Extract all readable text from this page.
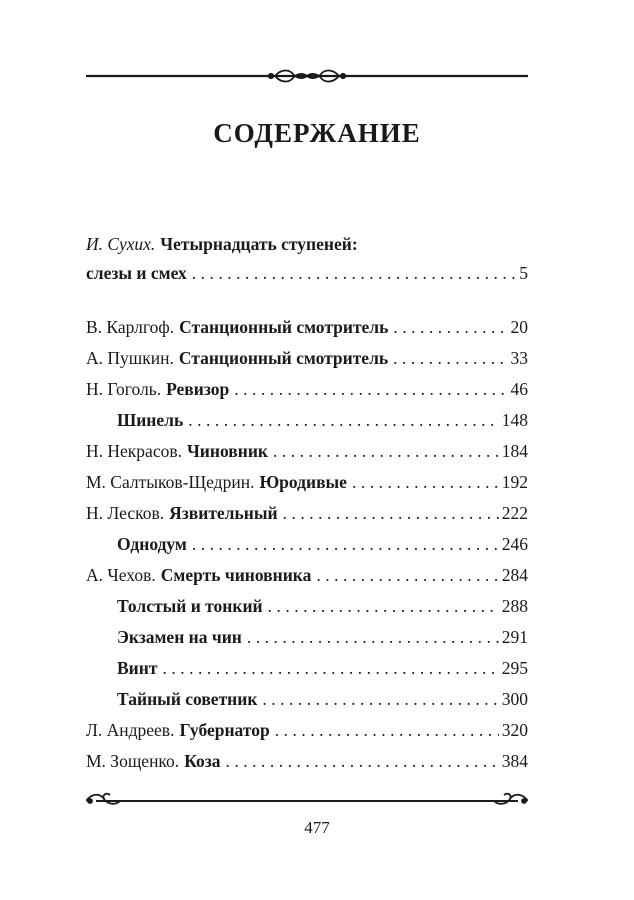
СОДЕРЖАНИЕ
И. Сухих. Четырнадцать ступеней:
слезы и смех .....	5
В. Карлгоф. Станционный смотритель .....	20
А. Пушкин. Станционный смотритель .....	33
Н. Гоголь. Ревизор .....	46
Шинель .....	148
Н. Некрасов. Чиновник .....	184
М. Салтыков-Щедрин. Юродивые .....	192
Н. Лесков. Язвительный .....	222
Однодум .....	246
А. Чехов. Смерть чиновника .....	284
Толстый и тонкий .....	288
Экзамен на чин .....	291
Винт .....	295
Тайный советник .....	300
Л. Андреев. Губернатор .....	320
М. Зощенко. Коза .....	384

477
